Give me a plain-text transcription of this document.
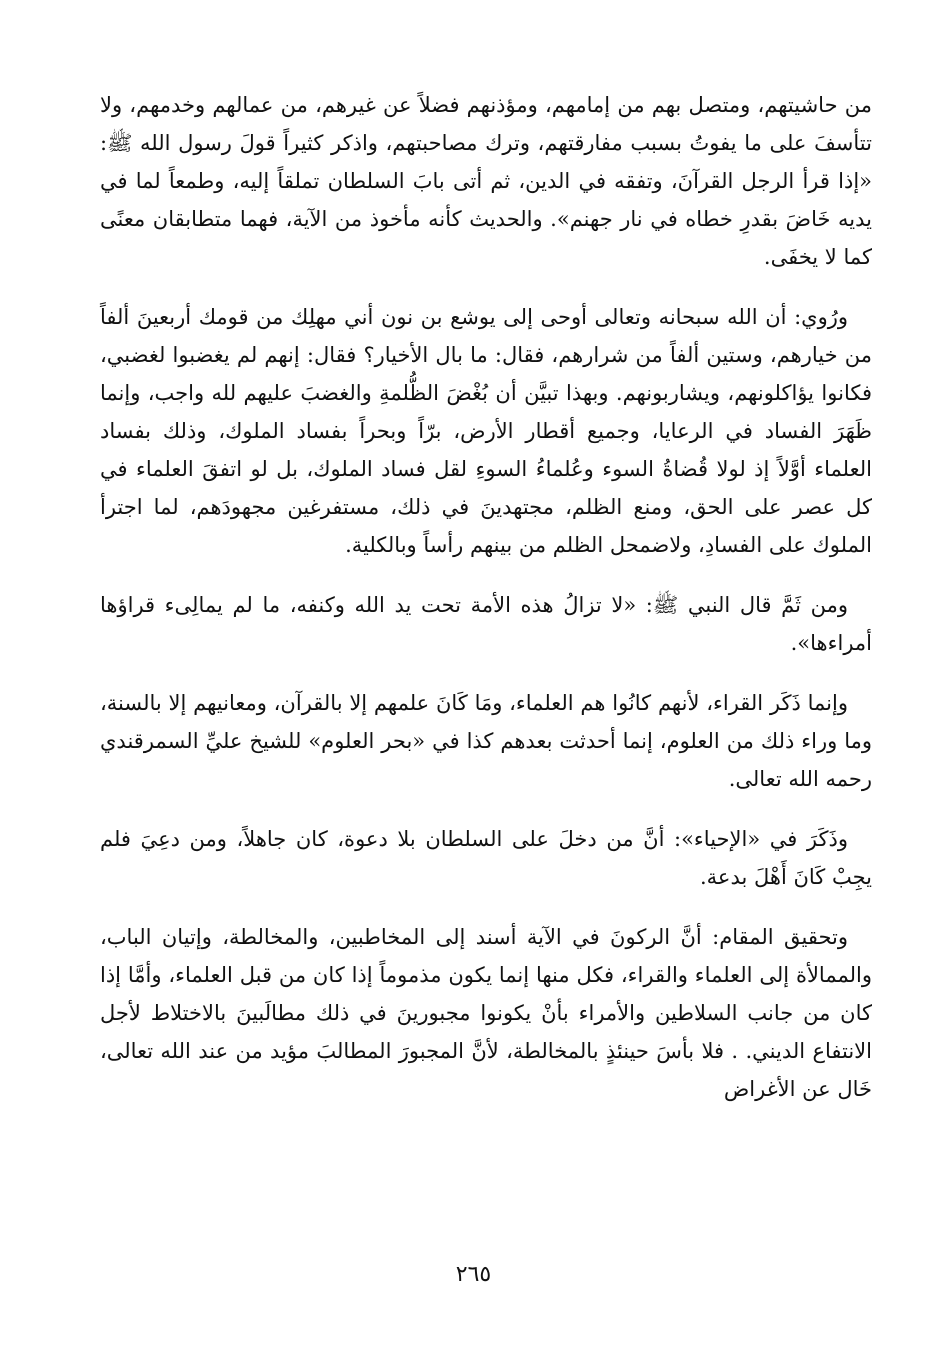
من حاشيتهم، ومتصل بهم من إمامهم، ومؤذنهم فضلاً عن غيرهم، من عمالهم وخدمهم، ولا تتأسفَ على ما يفوتُ بسبب مفارقتهم، وترك مصاحبتهم، واذكر كثيراً قولَ رسول الله ﷺ: «إذا قرأ الرجل القرآنَ، وتفقه في الدين، ثم أتى بابَ السلطان تملقاً إليه، وطمعاً لما في يديه خَاضَ بقدرِ خطاه في نار جهنم». والحديث كأنه مأخوذ من الآية، فهما متطابقان معنًى كما لا يخفَى.

ورُوي: أن الله سبحانه وتعالى أوحى إلى يوشع بن نون أني مهلِك من قومك أربعينَ ألفاً من خيارهم، وستين ألفاً من شرارهم، فقال: ما بال الأخيار؟ فقال: إنهم لم يغضبوا لغضبي، فكانوا يؤاكلونهم، ويشاربونهم. وبهذا تبيَّن أن بُغْضَ الظُّلمةِ والغضبَ عليهم لله واجب، وإنما ظَهَرَ الفساد في الرعايا، وجميع أقطار الأرض، برّاً وبحراً بفساد الملوك، وذلك بفساد العلماء أوَّلاً إذ لولا قُضاةُ السوء وعُلماءُ السوءِ لقل فساد الملوك، بل لو اتفقَ العلماء في كل عصر على الحق، ومنع الظلم، مجتهدينَ في ذلك، مستفرغين مجهودَهم، لما اجترأ الملوك على الفسادِ، ولاضمحل الظلم من بينهم رأساً وبالكلية.

ومن ثَمَّ قال النبي ﷺ: «لا تزالُ هذه الأمة تحت يد الله وكنفه، ما لم يمالِىء قراؤها أمراءها».

وإنما ذَكَر القراء، لأنهم كانُوا هم العلماء، ومَا كَانَ علمهم إلا بالقرآن، ومعانيهم إلا بالسنة، وما وراء ذلك من العلوم، إنما أحدثت بعدهم كذا في «بحر العلوم» للشيخ عليِّ السمرقندي رحمه الله تعالى.

وذَكَرَ في «الإحياء»: أنَّ من دخلَ على السلطان بلا دعوة، كان جاهلاً، ومن دعِيَ فلم يجِبْ كَانَ أَهْلَ بدعة.

وتحقيق المقام: أنَّ الركونَ في الآية أسند إلى المخاطبين، والمخالطة، وإتيان الباب، والممالأة إلى العلماء والقراء، فكل منها إنما يكون مذموماً إذا كان من قبل العلماء، وأمَّا إذا كان من جانب السلاطين والأمراء بأنْ يكونوا مجبورينَ في ذلك مطالَبينَ بالاختلاط لأجل الانتفاع الديني. . فلا بأسَ حينئذٍ بالمخالطة، لأنَّ المجبورَ المطالبَ مؤيد من عند الله تعالى، خَال عن الأغراض

٢٦٥
